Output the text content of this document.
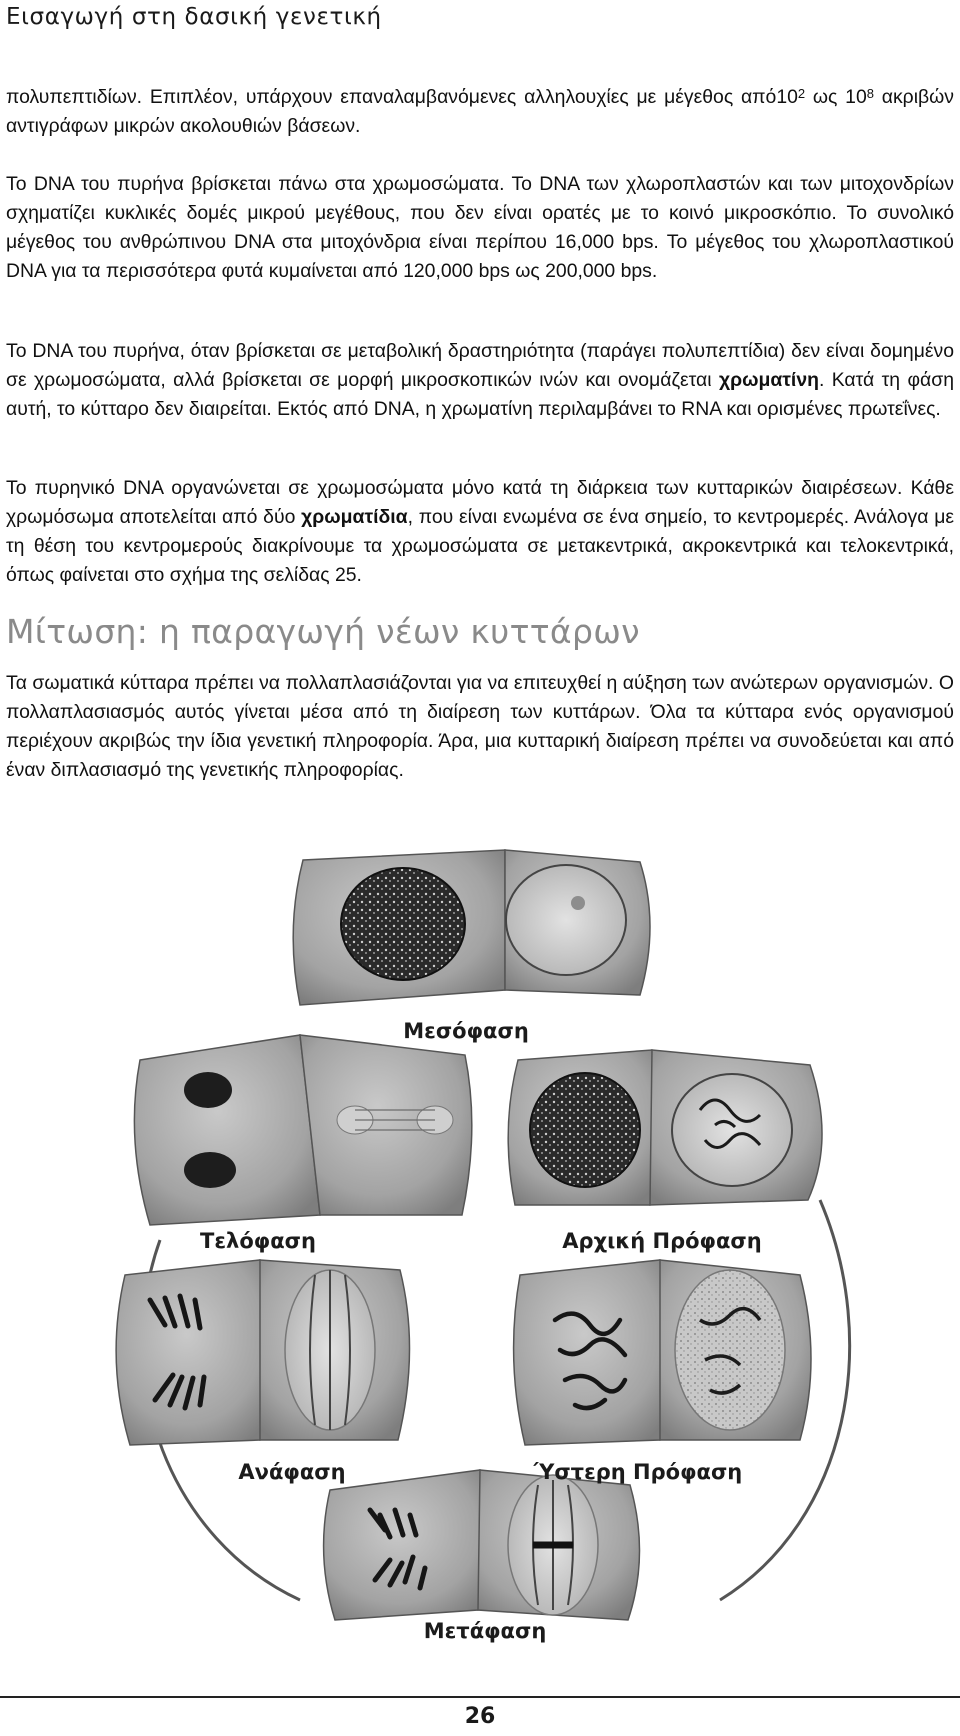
Εισαγωγή στη δασική γενετική

πολυπεπτιδίων. Επιπλέον, υπάρχουν επαναλαμβανόμενες αλληλουχίες με μέγεθος $\alpha\pi ό10^2$ ως $10^8$ ακριβών αντιγράφων μικρών ακολουθιών βάσεων.

Το DNA του πυρήνα βρίσκεται πάνω στα χρωμοσώματα. Το DNA των χλωροπλαστών και των μιτοχονδρίων σχηματίζει κυκλικές δομές μικρού μεγέθους, που δεν είναι ορατές με το κοινό μικροσκόπιο. Το συνολικό μέγεθος του ανθρώπινου DNA στα μιτοχόνδρια είναι περίπου 16,000 bps. Το μέγεθος του χλωροπλαστικού DNA για τα περισσότερα φυτά κυμαίνεται από 120,000 bps ως 200,000 bps.

Το DNA του πυρήνα, όταν βρίσκεται σε μεταβολική δραστηριότητα (παράγει πολυπεπτίδια) δεν είναι δομημένο σε χρωμοσώματα, αλλά βρίσκεται σε μορφή μικροσκοπικών ινών και ονομάζεται χρωματίνη. Κατά τη φάση αυτή, το κύτταρο δεν διαιρείται. Εκτός από DNA, η χρωματίνη περιλαμβάνει το RNA και ορισμένες πρωτεΐνες.

Το πυρηνικό DNA οργανώνεται σε χρωμοσώματα μόνο κατά τη διάρκεια των κυτταρικών διαιρέσεων. Κάθε χρωμόσωμα αποτελείται από δύο χρωματίδια, που είναι ενωμένα σε ένα σημείο, το κεντρομερές. Ανάλογα με τη θέση του κεντρομερούς διακρίνουμε τα χρωμοσώματα σε μετακεντρικά, ακροκεντρικά και τελοκεντρικά, όπως φαίνεται στο σχήμα της σελίδας 25.

Μίτωση: η παραγωγή νέων κυττάρων

Τα σωματικά κύτταρα πρέπει να πολλαπλασιάζονται για να επιτευχθεί η αύξηση των ανώτερων οργανισμών. Ο πολλαπλασιασμός αυτός γίνεται μέσα από τη διαίρεση των κυττάρων. Όλα τα κύτταρα ενός οργανισμού περιέχουν ακριβώς την ίδια γενετική πληροφορία. Άρα, μια κυτταρική διαίρεση πρέπει να συνοδεύεται και από έναν διπλασιασμό της γενετικής πληροφορίας.

Μεσόφαση
Αρχική Πρόφαση
Τελόφαση
Ανάφαση	Ύστερη Πρόφαση
Μετάφαση
26
